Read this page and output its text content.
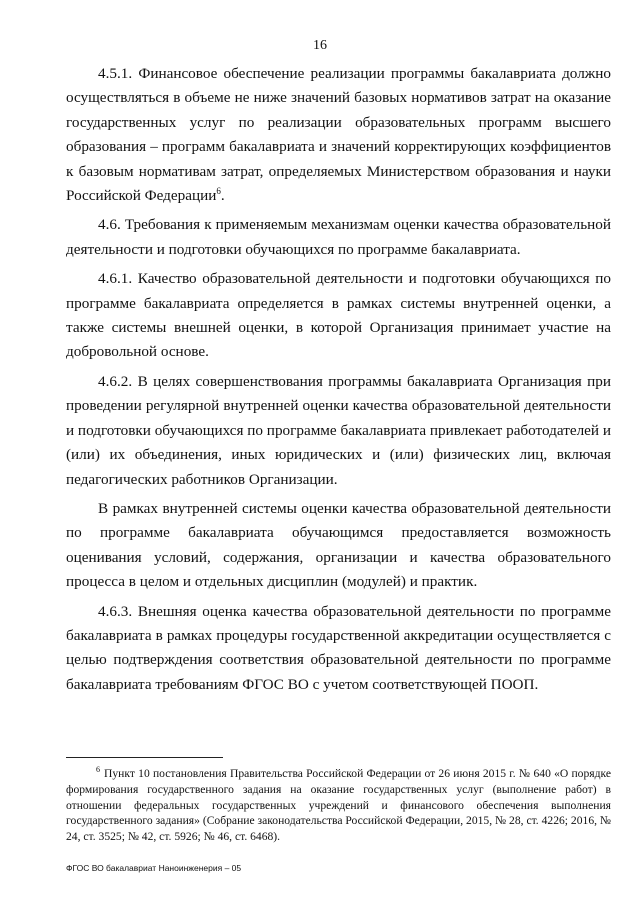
16

4.5.1. Финансовое обеспечение реализации программы бакалавриата должно осуществляться в объеме не ниже значений базовых нормативов затрат на оказание государственных услуг по реализации образовательных программ высшего образования – программ бакалавриата и значений корректирующих коэффициентов к базовым нормативам затрат, определяемых Министерством образования и науки Российской Федерации$^6$.

4.6. Требования к применяемым механизмам оценки качества образовательной деятельности и подготовки обучающихся по программе бакалавриата.

4.6.1. Качество образовательной деятельности и подготовки обучающихся по программе бакалавриата определяется в рамках системы внутренней оценки, а также системы внешней оценки, в которой Организация принимает участие на добровольной основе.

4.6.2. В целях совершенствования программы бакалавриата Организация при проведении регулярной внутренней оценки качества образовательной деятельности и подготовки обучающихся по программе бакалавриата привлекает работодателей и (или) их объединения, иных юридических и (или) физических лиц, включая педагогических работников Организации.

В рамках внутренней системы оценки качества образовательной деятельности по программе бакалавриата обучающимся предоставляется возможность оценивания условий, содержания, организации и качества образовательного процесса в целом и отдельных дисциплин (модулей) и практик.

4.6.3. Внешняя оценка качества образовательной деятельности по программе бакалавриата в рамках процедуры государственной аккредитации осуществляется с целью подтверждения соответствия образовательной деятельности по программе бакалавриата требованиям ФГОС ВО с учетом соответствующей ПООП.

$^6$ Пункт 10 постановления Правительства Российской Федерации от 26 июня 2015 г. № 640 «О порядке формирования государственного задания на оказание государственных услуг (выполнение работ) в отношении федеральных государственных учреждений и финансового обеспечения выполнения государственного задания» (Собрание законодательства Российской Федерации, 2015, № 28, ст. 4226; 2016, № 24, ст. 3525; № 42, ст. 5926; № 46, ст. 6468).
ФГОС ВО бакалавриат Наноинженерия – 05
